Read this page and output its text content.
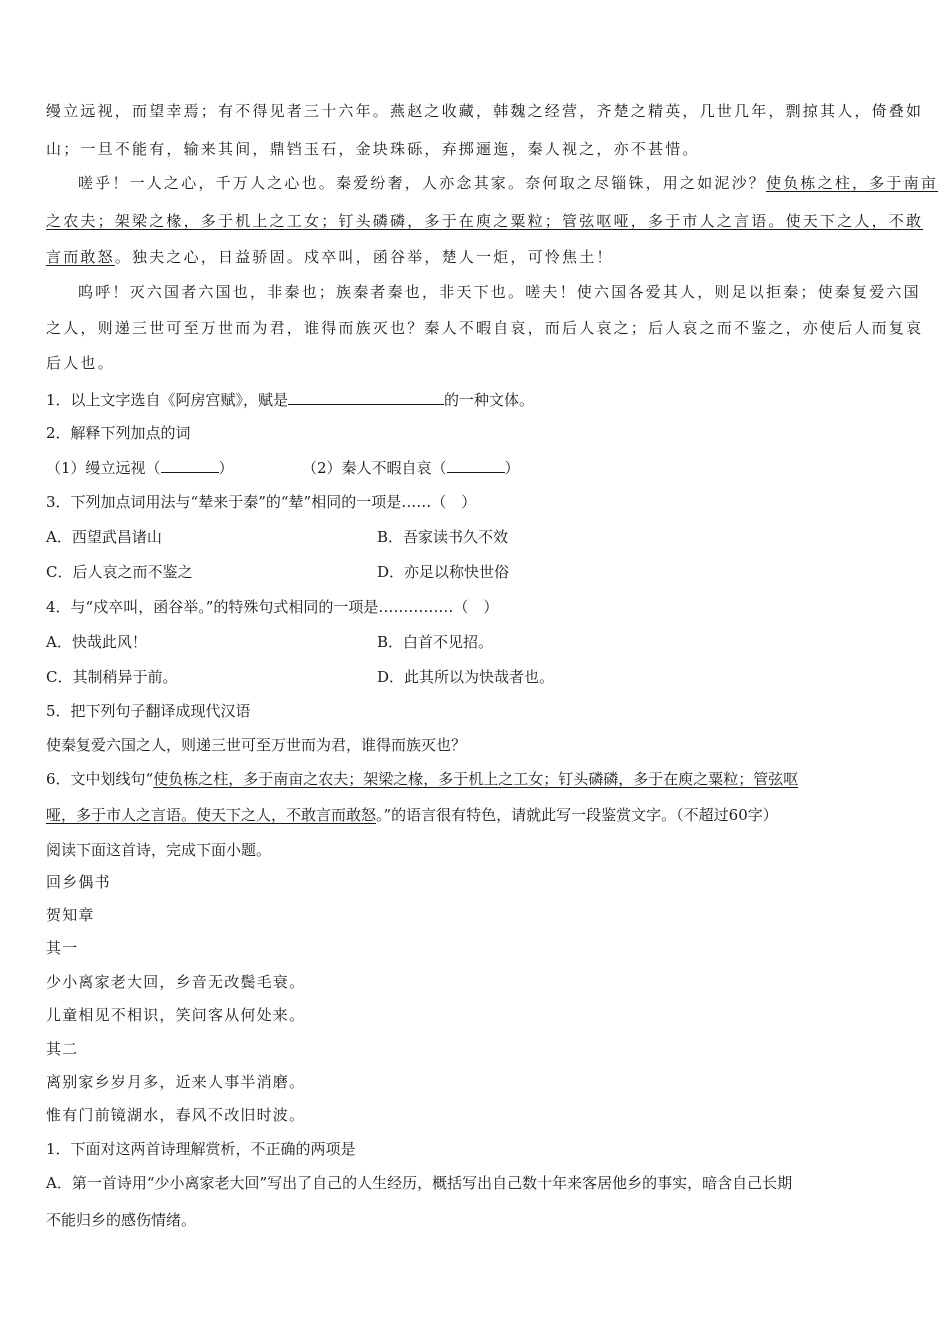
缦立远视，而望幸焉；有不得见者三十六年。燕赵之收藏，韩魏之经营，齐楚之精英，几世几年，剽掠其人，倚叠如
山；一旦不能有，输来其间，鼎铛玉石，金块珠砾，弃掷逦迤，秦人视之，亦不甚惜。
嗟乎！一人之心，千万人之心也。秦爱纷奢，人亦念其家。奈何取之尽锱铢，用之如泥沙？使负栋之柱，多于南亩
之农夫；架梁之椽，多于机上之工女；钉头磷磷，多于在庾之粟粒；管弦呕哑，多于市人之言语。使天下之人，不敢
言而敢怒。独夫之心，日益骄固。戍卒叫，函谷举，楚人一炬，可怜焦土！
呜呼！灭六国者六国也，非秦也；族秦者秦也，非天下也。嗟夫！使六国各爱其人，则足以拒秦；使秦复爱六国
之人，则递三世可至万世而为君，谁得而族灭也？秦人不暇自哀，而后人哀之；后人哀之而不鉴之，亦使后人而复哀
后人也。
1．以上文字选自《阿房宫赋》，赋是	的一种文体。
2．解释下列加点的词
（1）缦立远视（	）	（2）秦人不暇自哀（	）
3．下列加点词用法与“辇来于秦”的“辇”相同的一项是……（　）
A．西望武昌诸山	B．吾家读书久不效
C．后人哀之而不鉴之	D．亦足以称快世俗
4．与“戍卒叫，函谷举。”的特殊句式相同的一项是……………（　）
A．快哉此风！	B．白首不见招。
C．其制稍异于前。	D．此其所以为快哉者也。
5．把下列句子翻译成现代汉语
使秦复爱六国之人，则递三世可至万世而为君，谁得而族灭也？
6．文中划线句“使负栋之柱，多于南亩之农夫；架梁之椽，多于机上之工女；钉头磷磷，多于在庾之粟粒；管弦呕
哑，多于市人之言语。使天下之人，不敢言而敢怒。”的语言很有特色，请就此写一段鉴赏文字。（不超过60字）
阅读下面这首诗，完成下面小题。
回乡偶书
贺知章
其一
少小离家老大回，乡音无改鬓毛衰。
儿童相见不相识，笑问客从何处来。
其二
离别家乡岁月多，近来人事半消磨。
惟有门前镜湖水，春风不改旧时波。
1．下面对这两首诗理解赏析，不正确的两项是
A．第一首诗用“少小离家老大回”写出了自己的人生经历，概括写出自己数十年来客居他乡的事实，暗含自己长期
不能归乡的感伤情绪。
